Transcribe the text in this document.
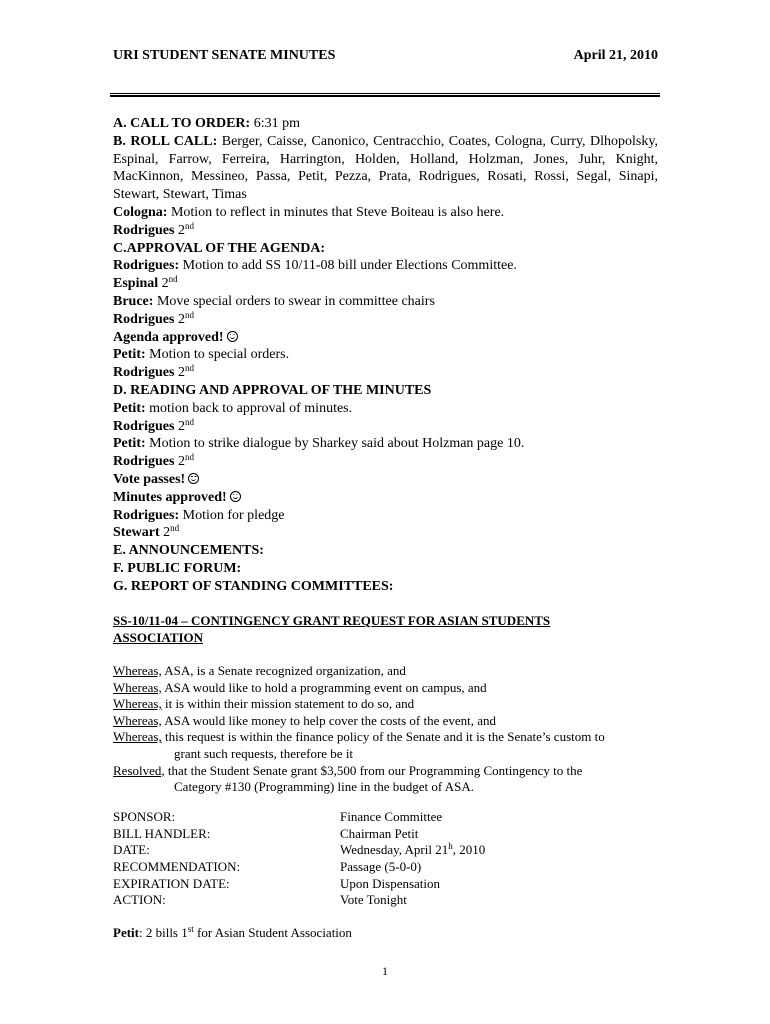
URI STUDENT SENATE MINUTES	April 21, 2010

A. CALL TO ORDER: 6:31 pm

B. ROLL CALL: Berger, Caisse, Canonico, Centracchio, Coates, Cologna, Curry, Dlhopolsky, Espinal, Farrow, Ferreira, Harrington, Holden, Holland, Holzman, Jones, Juhr, Knight, MacKinnon, Messineo, Passa, Petit, Pezza, Prata, Rodrigues, Rosati, Rossi, Segal, Sinapi, Stewart, Stewart, Timas

Cologna: Motion to reflect in minutes that Steve Boiteau is also here.

Rodrigues 2nd

C.APPROVAL OF THE AGENDA:

Rodrigues: Motion to add SS 10/11-08 bill under Elections Committee.

Espinal 2nd

Bruce: Move special orders to swear in committee chairs

Rodrigues 2nd

Agenda approved!

Petit: Motion to special orders.

Rodrigues 2nd

D. READING AND APPROVAL OF THE MINUTES

Petit: motion back to approval of minutes.

Rodrigues 2nd

Petit: Motion to strike dialogue by Sharkey said about Holzman page 10.

Rodrigues 2nd

Vote passes!

Minutes approved!

Rodrigues: Motion for pledge

Stewart 2nd

E. ANNOUNCEMENTS:

F. PUBLIC FORUM:

G. REPORT OF STANDING COMMITTEES:

SS-10/11-04 – CONTINGENCY GRANT REQUEST FOR ASIAN STUDENTS
ASSOCIATION

Whereas, ASA, is a Senate recognized organization, and

Whereas, ASA would like to hold a programming event on campus, and

Whereas, it is within their mission statement to do so, and

Whereas, ASA would like money to help cover the costs of the event, and

Whereas, this request is within the finance policy of the Senate and it is the Senate’s custom to

grant such requests, therefore be it

Resolved, that the Student Senate grant $3,500 from our Programming Contingency to the

Category #130 (Programming) line in the budget of ASA.

SPONSOR:	Finance Committee
BILL HANDLER:	Chairman Petit
DATE:	Wednesday, April 21$^h$, 2010
RECOMMENDATION:	Passage (5-0-0)
EXPIRATION DATE:	Upon Dispensation
ACTION:	Vote Tonight
Petit: 2 bills 1st for Asian Student Association
1
